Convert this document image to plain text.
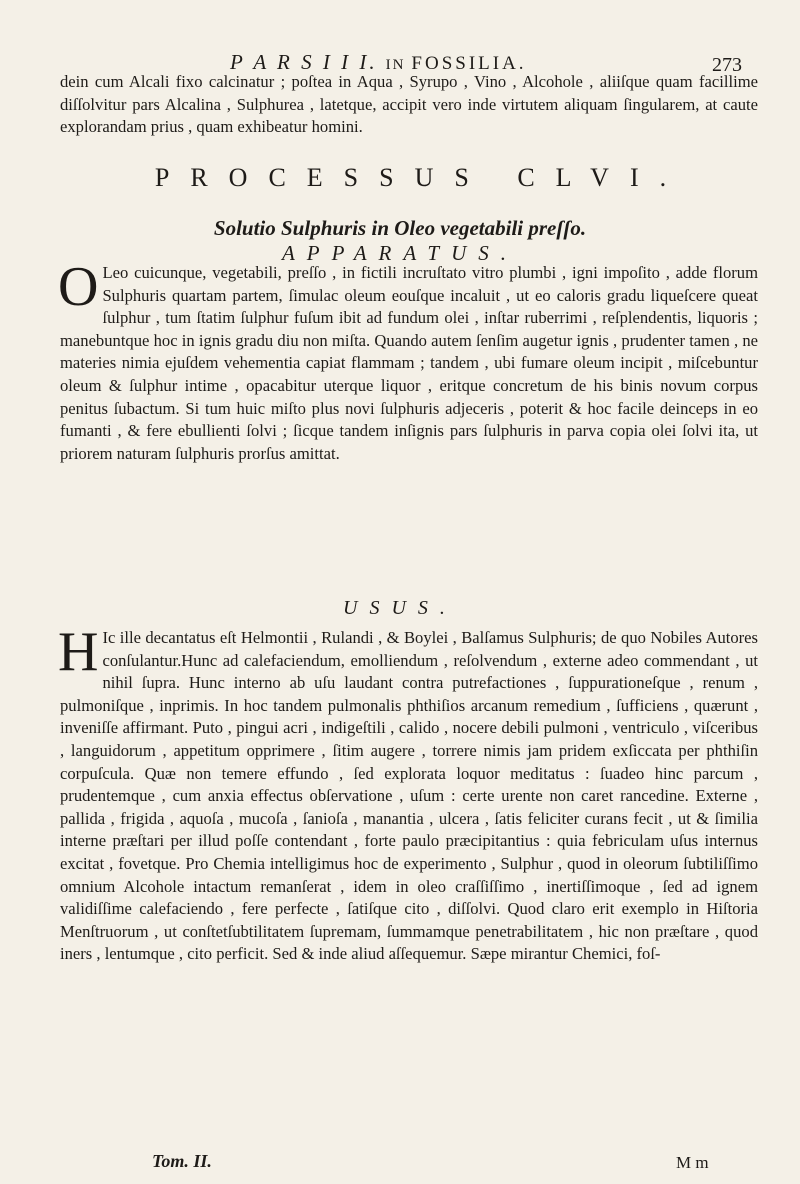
P A R S I I I. IN FOSSILIA.	273
dein cum Alcali fixo calcinatur ; poſtea in Aqua , Syrupo , Vino , Alcohole , aliiſque quam facillime diſſolvitur pars Alcalina , Sulphurea , latetque, accipit vero inde virtutem aliquam ſingularem, at caute explorandam prius , quam exhibeatur homini.
PROCESSUS CLVI.
Solutio Sulphuris in Oleo vegetabili preſſo.
APPARATUS.
O Leo cuicunque, vegetabili, preſſo , in fictili incruſtato vitro plumbi , igni impoſito , adde florum Sulphuris quartam partem, ſimulac oleum eouſque incaluit , ut eo caloris gradu liqueſcere queat ſulphur , tum ſtatim ſulphur fuſum ibit ad fundum olei , inſtar ruberrimi , reſplendentis, liquoris ; manebuntque hoc in ignis gradu diu non miſta. Quando autem ſenſim augetur ignis , prudenter tamen , ne materies nimia ejuſdem vehementia capiat flammam ; tandem , ubi fumare oleum incipit , miſcebuntur oleum & ſulphur intime , opacabitur uterque liquor , eritque concretum de his binis novum corpus penitus ſubactum. Si tum huic miſto plus novi ſulphuris adjeceris , poterit & hoc facile deinceps in eo fumanti , & fere ebullienti ſolvi ; ſicque tandem inſignis pars ſulphuris in parva copia olei ſolvi ita, ut priorem naturam ſulphuris prorſus amittat.
USUS.
H Ic ille decantatus eſt Helmontii , Rulandi , & Boylei , Balſamus Sulphuris; de quo Nobiles Autores conſulantur.Hunc ad calefaciendum, emolliendum , reſolvendum , externe adeo commendant , ut nihil ſupra. Hunc interno ab uſu laudant contra putrefactiones , ſuppurationeſque , renum , pulmoniſque , inprimis. In hoc tandem pulmonalis phthiſios arcanum remedium , ſufficiens , quærunt , inveniſſe affirmant. Puto , pingui acri , indigeſtili , calido , nocere debili pulmoni , ventriculo , viſceribus , languidorum , appetitum opprimere , ſitim augere , torrere nimis jam pridem exſiccata per phthiſin corpuſcula. Quæ non temere effundo , ſed explorata loquor meditatus : ſuadeo hinc parcum , prudentemque , cum anxia effectus obſervatione , uſum : certe urente non caret rancedine. Externe , pallida , frigida , aquoſa , mucoſa , ſanioſa , manantia , ulcera , ſatis feliciter curans fecit , ut & ſimilia interne præſtari per illud poſſe contendant , forte paulo præcipitantius : quia febriculam uſus internus excitat , fovetque. Pro Chemia intelligimus hoc de experimento , Sulphur , quod in oleorum ſubtiliſſimo omnium Alcohole intactum remanſerat , idem in oleo craſſiſſimo , inertiſſimoque , ſed ad ignem validiſſime calefaciendo , fere perfecte , ſatiſque cito , diſſolvi. Quod claro erit exemplo in Hiſtoria Menſtruorum , ut conſtetſubtilitatem ſupremam, ſummamque penetrabilitatem , hic non præſtare , quod iners , lentumque , cito perficit. Sed & inde aliud aſſequemur. Sæpe mirantur Chemici, foſ-
Tom. II.	M m
